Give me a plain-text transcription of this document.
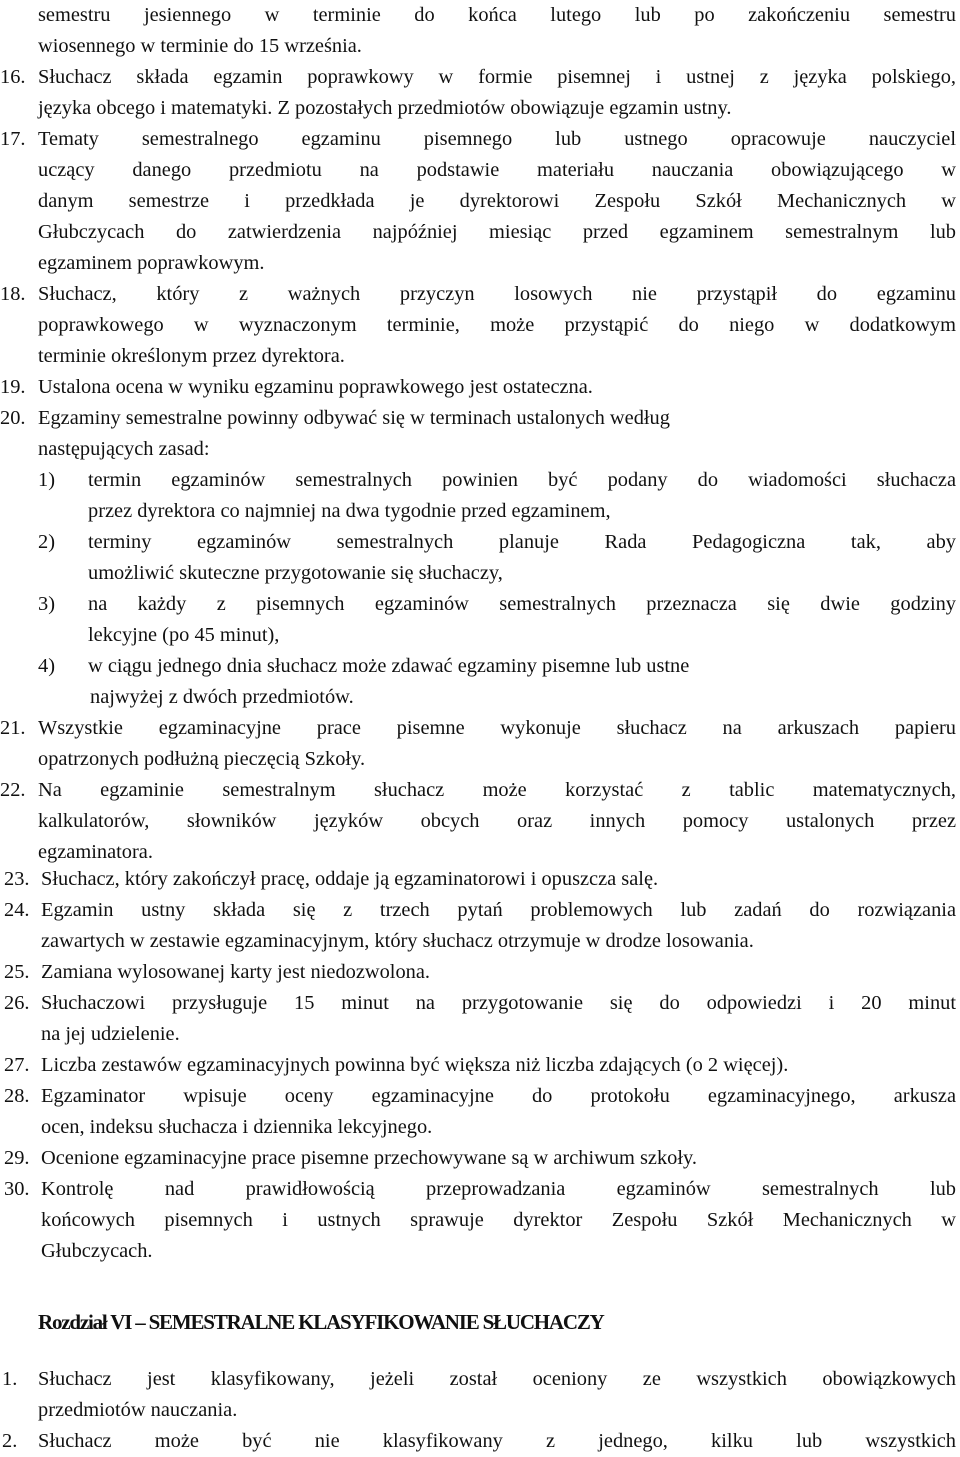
Rozdział VI – SEMESTRALNE KLASYFIKOWANIE SŁUCHACZY
semestru jesiennego w terminie do końca lutego lub po zakończeniu semestru
wiosennego w terminie do 15 września.
16. Słuchacz składa egzamin poprawkowy w formie pisemnej i ustnej z języka polskiego,
języka obcego i matematyki. Z pozostałych przedmiotów obowiązuje egzamin ustny.
17. Tematy semestralnego egzaminu pisemnego lub ustnego opracowuje nauczyciel
uczący danego przedmiotu na podstawie materiału nauczania obowiązującego w
danym semestrze i przedkłada je dyrektorowi Zespołu Szkół Mechanicznych w
Głubczycach do zatwierdzenia najpóźniej miesiąc przed egzaminem semestralnym lub
egzaminem poprawkowym.
18. Słuchacz, który z ważnych przyczyn losowych nie przystąpił do egzaminu
poprawkowego w wyznaczonym terminie, może przystąpić do niego w dodatkowym
terminie określonym przez dyrektora.
19. Ustalona ocena w wyniku egzaminu poprawkowego jest ostateczna.
20. Egzaminy semestralne powinny odbywać się w terminach ustalonych według
następujących zasad:
1) termin egzaminów semestralnych powinien być podany do wiadomości słuchacza
przez dyrektora co najmniej na dwa tygodnie przed egzaminem,
2) terminy egzaminów semestralnych planuje Rada Pedagogiczna tak, aby
umożliwić skuteczne przygotowanie się słuchaczy,
3) na każdy z pisemnych egzaminów semestralnych przeznacza się dwie godziny
lekcyjne (po 45 minut),
4) w ciągu jednego dnia słuchacz może zdawać egzaminy pisemne lub ustne
najwyżej z dwóch przedmiotów.
21. Wszystkie egzaminacyjne prace pisemne wykonuje słuchacz na arkuszach papieru
opatrzonych podłużną pieczęcią Szkoły.
22. Na egzaminie semestralnym słuchacz może korzystać z tablic matematycznych,
kalkulatorów, słowników języków obcych oraz innych pomocy ustalonych przez
egzaminatora.
23. Słuchacz, który zakończył pracę, oddaje ją egzaminatorowi i opuszcza salę.
24. Egzamin ustny składa się z trzech pytań problemowych lub zadań do rozwiązania
zawartych w zestawie egzaminacyjnym, który słuchacz otrzymuje w drodze losowania.
25. Zamiana wylosowanej karty jest niedozwolona.
26. Słuchaczowi przysługuje 15 minut na przygotowanie się do odpowiedzi i 20 minut
na jej udzielenie.
27. Liczba zestawów egzaminacyjnych powinna być większa niż liczba zdających (o 2 więcej).
28. Egzaminator wpisuje oceny egzaminacyjne do protokołu egzaminacyjnego, arkusza
ocen, indeksu słuchacza i dziennika lekcyjnego.
29. Ocenione egzaminacyjne prace pisemne przechowywane są w archiwum szkoły.
30. Kontrolę nad prawidłowością przeprowadzania egzaminów semestralnych lub
końcowych pisemnych i ustnych sprawuje dyrektor Zespołu Szkół Mechanicznych w
Głubczycach.
1. Słuchacz jest klasyfikowany, jeżeli został oceniony ze wszystkich obowiązkowych
przedmiotów nauczania.
2. Słuchacz może być nie klasyfikowany z jednego, kilku lub wszystkich
